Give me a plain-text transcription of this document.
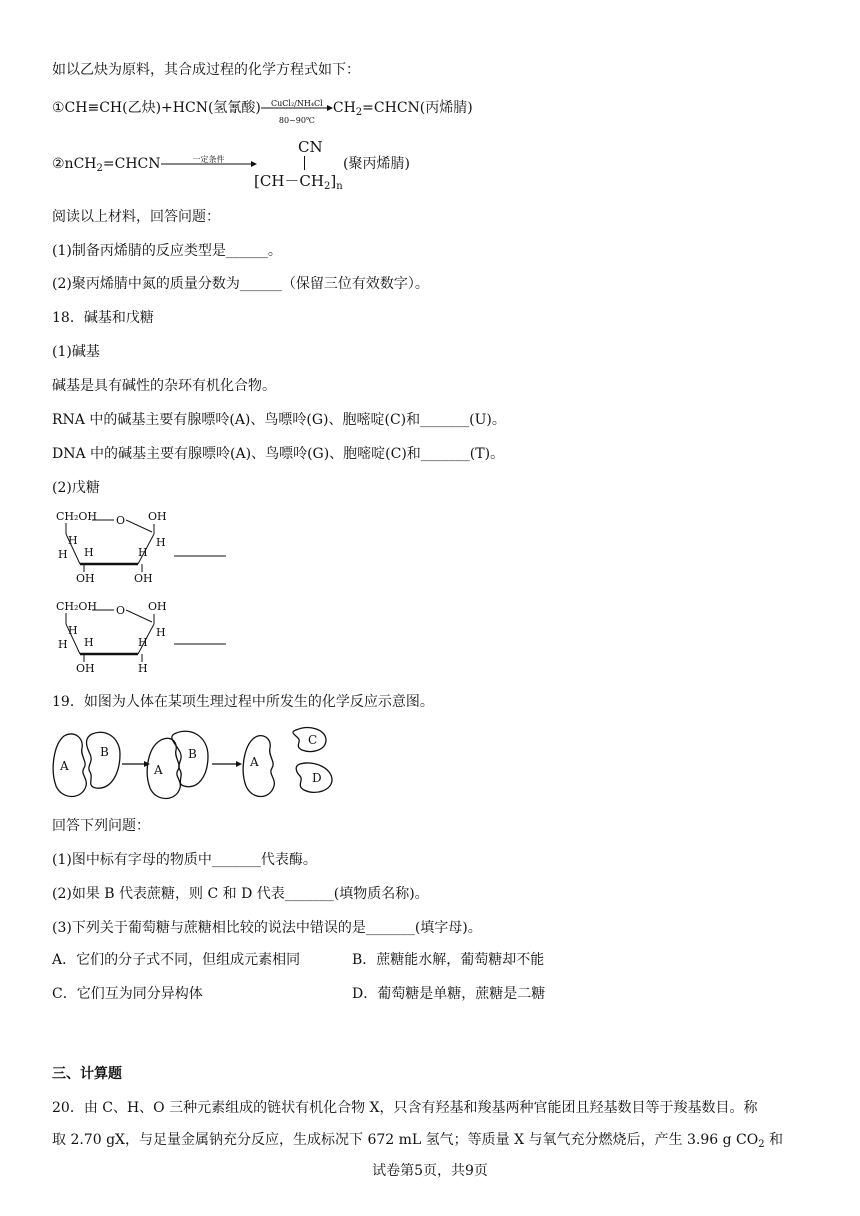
如以乙炔为原料，其合成过程的化学方程式如下：
①CH≡CH(乙炔)+HCN(氢氰酸)	CuCl₂/NH₄Cl
80~90℃
$CH_2=CHCN$(丙烯腈)
②nCH$_2$=CHCN	一定条件
CN
$[CH-CH_2]_n$
(聚丙烯腈)
阅读以上材料，回答问题：
(1)制备丙烯腈的反应类型是______。
(2)聚丙烯腈中氮的质量分数为______（保留三位有效数字）。
18．碱基和戊糖
(1)碱基
碱基是具有碱性的杂环有机化合物。
RNA 中的碱基主要有腺嘌呤(A)、鸟嘌呤(G)、胞嘧啶(C)和_______(U)。
DNA 中的碱基主要有腺嘌呤(A)、鸟嘌呤(G)、胞嘧啶(C)和_______(T)。
(2)戊糖
CH₂OH O OH
H
H
H
H
H
OH	OH
CH₂OH O OH
H
H
H
H
H
OH	H
19．如图为人体在某项生理过程中所发生的化学反应示意图。
A
B
A
B
A
C
D
回答下列问题：
(1)图中标有字母的物质中_______代表酶。
(2)如果 B 代表蔗糖，则 C 和 D 代表_______(填物质名称)。
(3)下列关于葡萄糖与蔗糖相比较的说法中错误的是_______(填字母)。
A．它们的分子式不同，但组成元素相同	B．蔗糖能水解，葡萄糖却不能
C．它们互为同分异构体	D．葡萄糖是单糖，蔗糖是二糖
三、计算题
20．由 C、H、O 三种元素组成的链状有机化合物 X，只含有羟基和羧基两种官能团且羟基数目等于羧基数目。称
取 2.70 gX，与足量金属钠充分反应，生成标况下 672 mL 氢气；等质量 X 与氧气充分燃烧后，产生 3.96 g $CO_2$ 和
试卷第5页，共9页
